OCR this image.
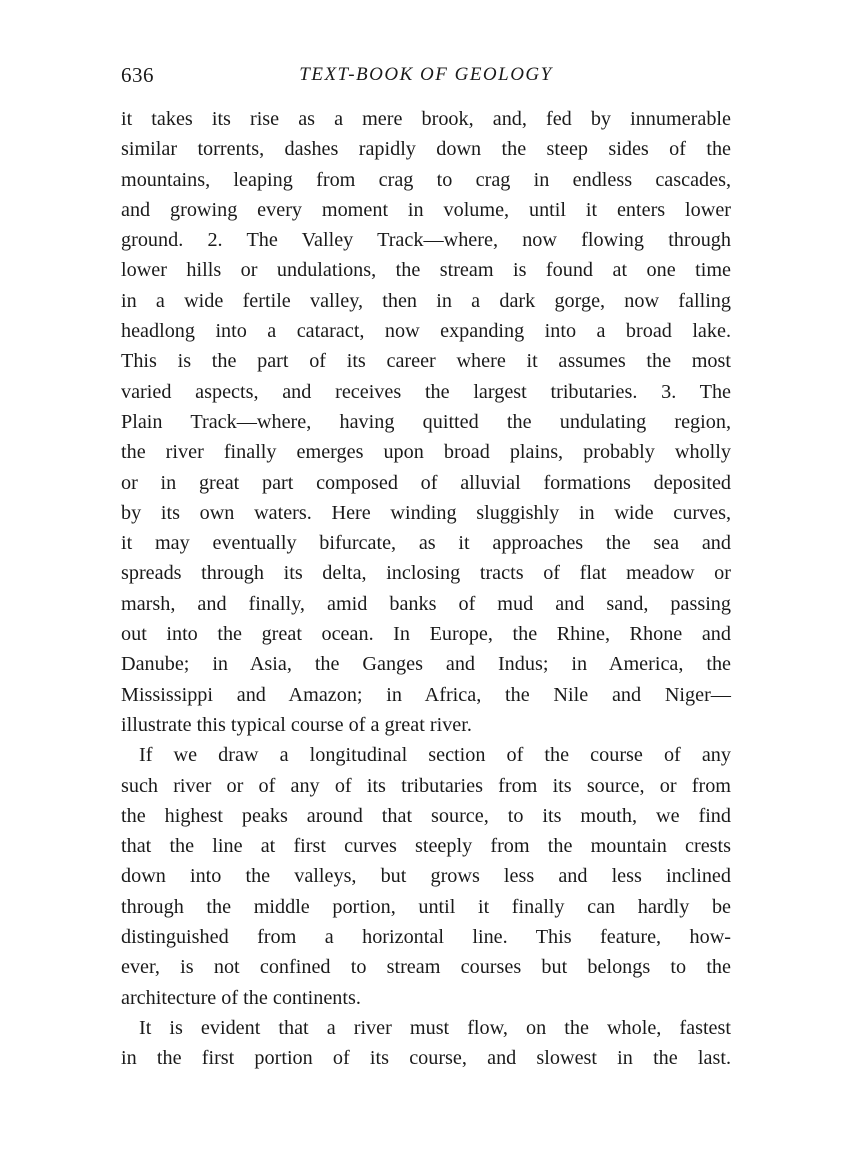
636	TEXT-BOOK OF GEOLOGY

it takes its rise as a mere brook, and, fed by innumerable
similar torrents, dashes rapidly down the steep sides of the
mountains, leaping from crag to crag in endless cascades,
and growing every moment in volume, until it enters lower
ground. 2. The Valley Track—where, now flowing through
lower hills or undulations, the stream is found at one time
in a wide fertile valley, then in a dark gorge, now falling
headlong into a cataract, now expanding into a broad lake.
This is the part of its career where it assumes the most
varied aspects, and receives the largest tributaries. 3. The
Plain Track—where, having quitted the undulating region,
the river finally emerges upon broad plains, probably wholly
or in great part composed of alluvial formations deposited
by its own waters. Here winding sluggishly in wide curves,
it may eventually bifurcate, as it approaches the sea and
spreads through its delta, inclosing tracts of flat meadow or
marsh, and finally, amid banks of mud and sand, passing
out into the great ocean. In Europe, the Rhine, Rhone and
Danube; in Asia, the Ganges and Indus; in America, the
Mississippi and Amazon; in Africa, the Nile and Niger—
illustrate this typical course of a great river.

If we draw a longitudinal section of the course of any
such river or of any of its tributaries from its source, or from
the highest peaks around that source, to its mouth, we find
that the line at first curves steeply from the mountain crests
down into the valleys, but grows less and less inclined
through the middle portion, until it finally can hardly be
distinguished from a horizontal line. This feature, how-
ever, is not confined to stream courses but belongs to the
architecture of the continents.

It is evident that a river must flow, on the whole, fastest
in the first portion of its course, and slowest in the last.
